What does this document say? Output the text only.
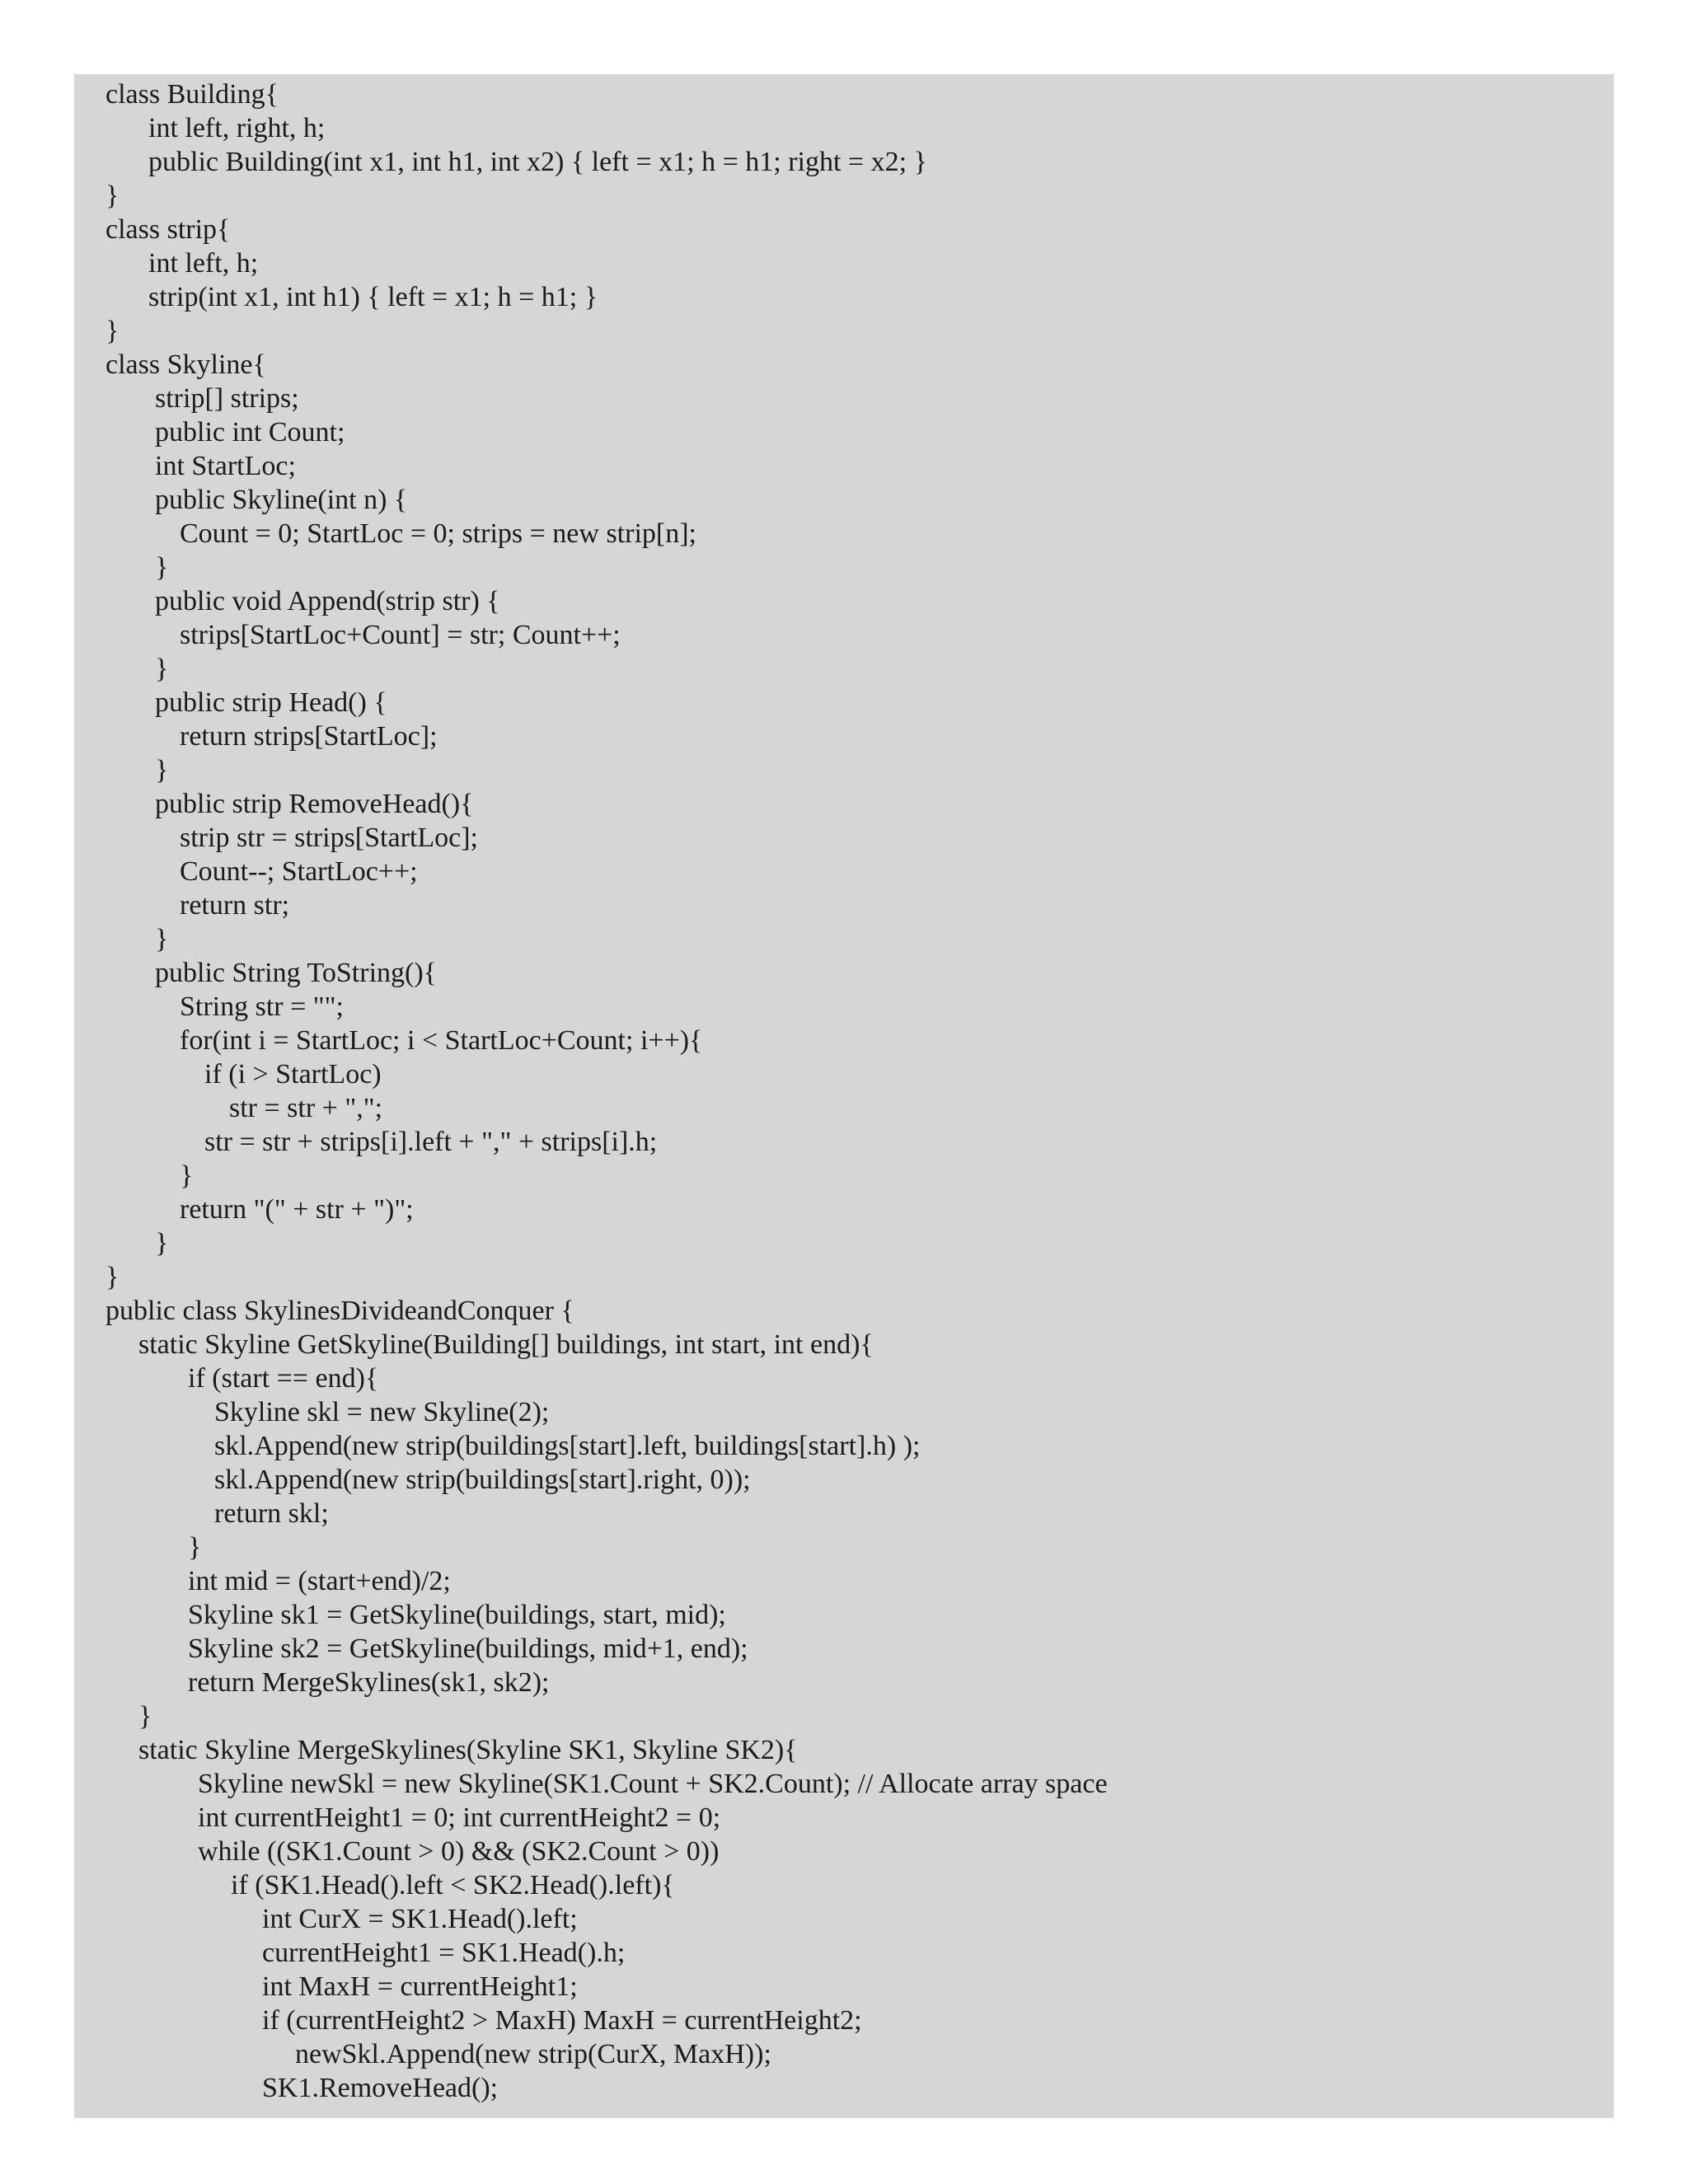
class Building{
int left, right, h;
public Building(int x1, int h1, int x2) { left = x1; h = h1; right = x2; }
}
class strip{
int left, h;
strip(int x1, int h1) { left = x1; h = h1; }
}
class Skyline{
strip[] strips;
public int Count;
int StartLoc;
public Skyline(int n) {
Count = 0; StartLoc = 0; strips = new strip[n];
}
public void Append(strip str) {
strips[StartLoc+Count] = str; Count++;
}
public strip Head() {
return strips[StartLoc];
}
public strip RemoveHead(){
strip str = strips[StartLoc];
Count--; StartLoc++;
return str;
}
public String ToString(){
String str = "";
for(int i = StartLoc; i < StartLoc+Count; i++){
if (i > StartLoc)
str = str + ",";
str = str + strips[i].left + "," + strips[i].h;
}
return "(" + str + ")";
}
}
public class SkylinesDivideandConquer {
static Skyline GetSkyline(Building[] buildings, int start, int end){
if (start == end){
Skyline skl = new Skyline(2);
skl.Append(new strip(buildings[start].left, buildings[start].h) );
skl.Append(new strip(buildings[start].right, 0));
return skl;
}
int mid = (start+end)/2;
Skyline sk1 = GetSkyline(buildings, start, mid);
Skyline sk2 = GetSkyline(buildings, mid+1, end);
return MergeSkylines(sk1, sk2);
}
static Skyline MergeSkylines(Skyline SK1, Skyline SK2){
Skyline newSkl = new Skyline(SK1.Count + SK2.Count); // Allocate array space
int currentHeight1 = 0; int currentHeight2 = 0;
while ((SK1.Count > 0) && (SK2.Count > 0))
if (SK1.Head().left < SK2.Head().left){
int CurX = SK1.Head().left;
currentHeight1 = SK1.Head().h;
int MaxH = currentHeight1;
if (currentHeight2 > MaxH) MaxH = currentHeight2;
newSkl.Append(new strip(CurX, MaxH));
SK1.RemoveHead();
